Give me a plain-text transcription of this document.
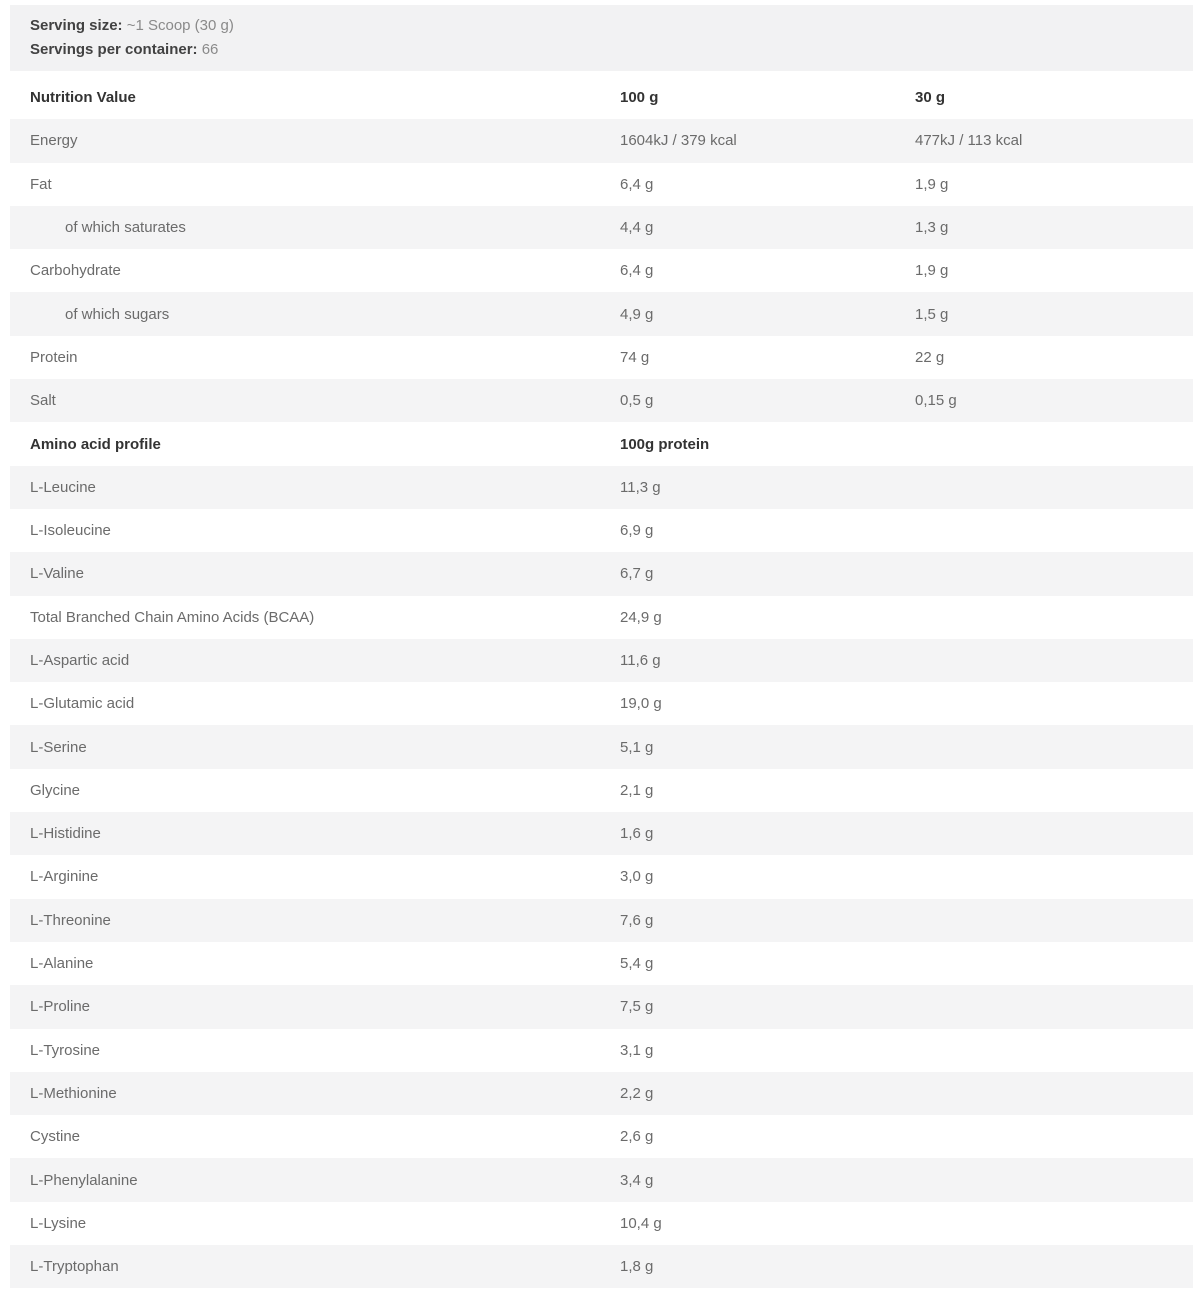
Serving size: ~1 Scoop (30 g)
Servings per container: 66
Nutrition Value	100 g	30 g
Energy	1604kJ / 379 kcal	477kJ / 113 kcal
Fat	6,4 g	1,9 g
of which saturates	4,4 g	1,3 g
Carbohydrate	6,4 g	1,9 g
of which sugars	4,9 g	1,5 g
Protein	74 g	22 g
Salt	0,5 g	0,15 g
Amino acid profile	100g protein
L-Leucine	11,3 g
L-Isoleucine	6,9 g
L-Valine	6,7 g
Total Branched Chain Amino Acids (BCAA)	24,9 g
L-Aspartic acid	11,6 g
L-Glutamic acid	19,0 g
L-Serine	5,1 g
Glycine	2,1 g
L-Histidine	1,6 g
L-Arginine	3,0 g
L-Threonine	7,6 g
L-Alanine	5,4 g
L-Proline	7,5 g
L-Tyrosine	3,1 g
L-Methionine	2,2 g
Cystine	2,6 g
L-Phenylalanine	3,4 g
L-Lysine	10,4 g
L-Tryptophan	1,8 g
